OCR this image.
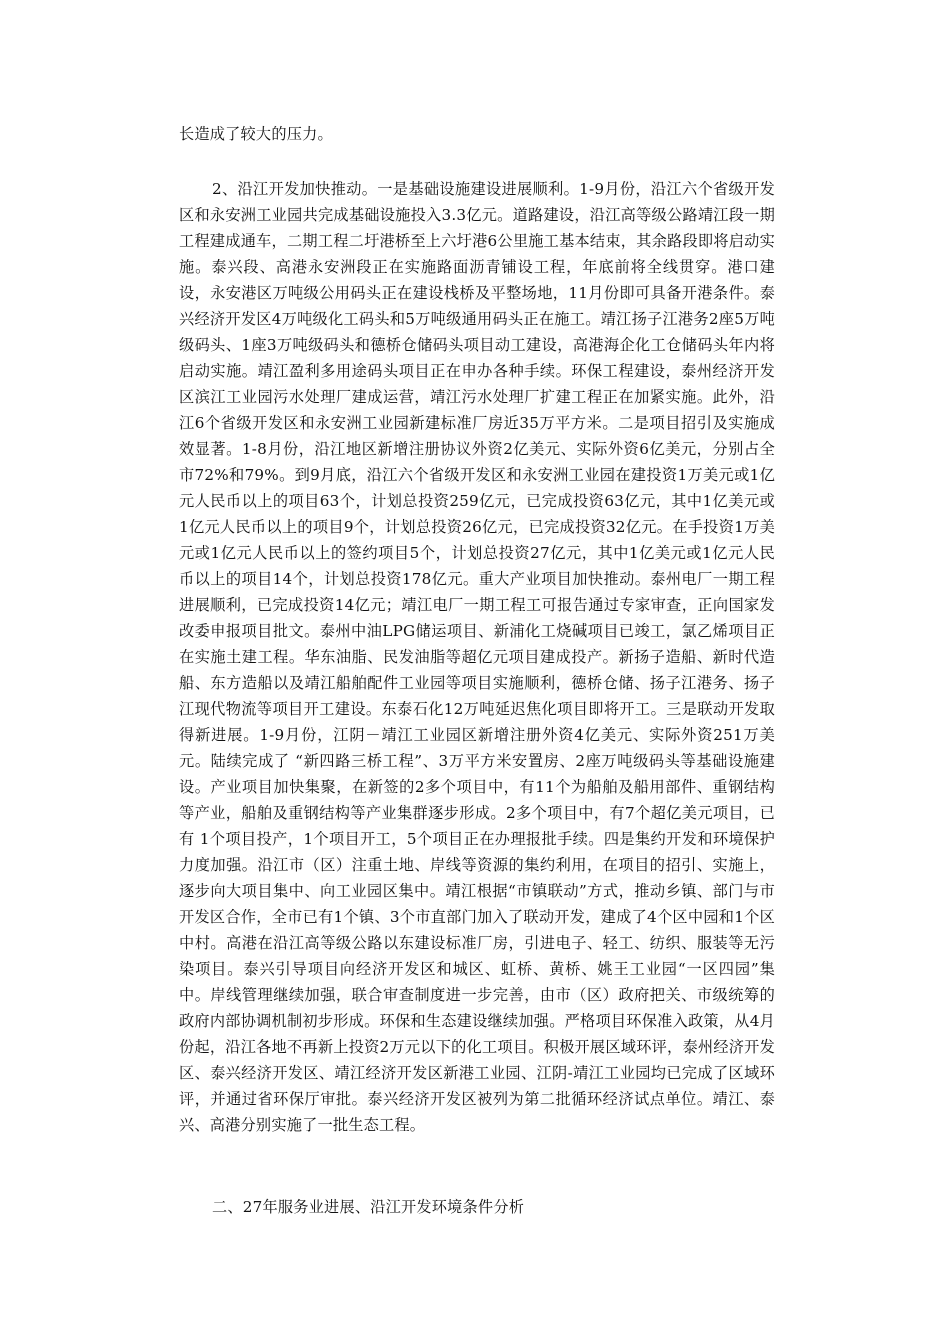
长造成了较大的压力。

2、沿江开发加快推动。一是基础设施建设进展顺利。1-9月份，沿江六个省级开发区和永安洲工业园共完成基础设施投入3.3亿元。道路建设，沿江高等级公路靖江段一期工程建成通车，二期工程二圩港桥至上六圩港6公里施工基本结束，其余路段即将启动实施。泰兴段、高港永安洲段正在实施路面沥青铺设工程，年底前将全线贯穿。港口建设，永安港区万吨级公用码头正在建设栈桥及平整场地，11月份即可具备开港条件。泰兴经济开发区4万吨级化工码头和5万吨级通用码头正在施工。靖江扬子江港务2座5万吨级码头、1座3万吨级码头和德桥仓储码头项目动工建设，高港海企化工仓储码头年内将启动实施。靖江盈利多用途码头项目正在申办各种手续。环保工程建设，泰州经济开发区滨江工业园污水处理厂建成运营，靖江污水处理厂扩建工程正在加紧实施。此外，沿江6个省级开发区和永安洲工业园新建标准厂房近35万平方米。二是项目招引及实施成效显著。1-8月份，沿江地区新增注册协议外资2亿美元、实际外资6亿美元，分别占全市72%和79%。到9月底，沿江六个省级开发区和永安洲工业园在建投资1万美元或1亿元人民币以上的项目63个，计划总投资259亿元，已完成投资63亿元，其中1亿美元或1亿元人民币以上的项目9个，计划总投资26亿元，已完成投资32亿元。在手投资1万美元或1亿元人民币以上的签约项目5个，计划总投资27亿元，其中1亿美元或1亿元人民币以上的项目14个，计划总投资178亿元。重大产业项目加快推动。泰州电厂一期工程进展顺利，已完成投资14亿元；靖江电厂一期工程工可报告通过专家审查，正向国家发改委申报项目批文。泰州中油LPG储运项目、新浦化工烧碱项目已竣工，氯乙烯项目正在实施土建工程。华东油脂、民发油脂等超亿元项目建成投产。新扬子造船、新时代造船、东方造船以及靖江船舶配件工业园等项目实施顺利，德桥仓储、扬子江港务、扬子江现代物流等项目开工建设。东泰石化12万吨延迟焦化项目即将开工。三是联动开发取得新进展。1-9月份，江阴－靖江工业园区新增注册外资4亿美元、实际外资251万美元。陆续完成了 “新四路三桥工程”、3万平方米安置房、2座万吨级码头等基础设施建设。产业项目加快集聚，在新签的2多个项目中，有11个为船舶及船用部件、重钢结构等产业，船舶及重钢结构等产业集群逐步形成。2多个项目中，有7个超亿美元项目，已有 1个项目投产，1个项目开工，5个项目正在办理报批手续。四是集约开发和环境保护力度加强。沿江市（区）注重土地、岸线等资源的集约利用，在项目的招引、实施上，逐步向大项目集中、向工业园区集中。靖江根据“市镇联动”方式，推动乡镇、部门与市开发区合作，全市已有1个镇、3个市直部门加入了联动开发，建成了4个区中园和1个区中村。高港在沿江高等级公路以东建设标准厂房，引进电子、轻工、纺织、服装等无污染项目。泰兴引导项目向经济开发区和城区、虹桥、黄桥、姚王工业园“一区四园”集中。岸线管理继续加强，联合审查制度进一步完善，由市（区）政府把关、市级统筹的政府内部协调机制初步形成。环保和生态建设继续加强。严格项目环保准入政策，从4月份起，沿江各地不再新上投资2万元以下的化工项目。积极开展区域环评，泰州经济开发区、泰兴经济开发区、靖江经济开发区新港工业园、江阴-靖江工业园均已完成了区域环评，并通过省环保厅审批。泰兴经济开发区被列为第二批循环经济试点单位。靖江、泰兴、高港分别实施了一批生态工程。

二、27年服务业进展、沿江开发环境条件分析
